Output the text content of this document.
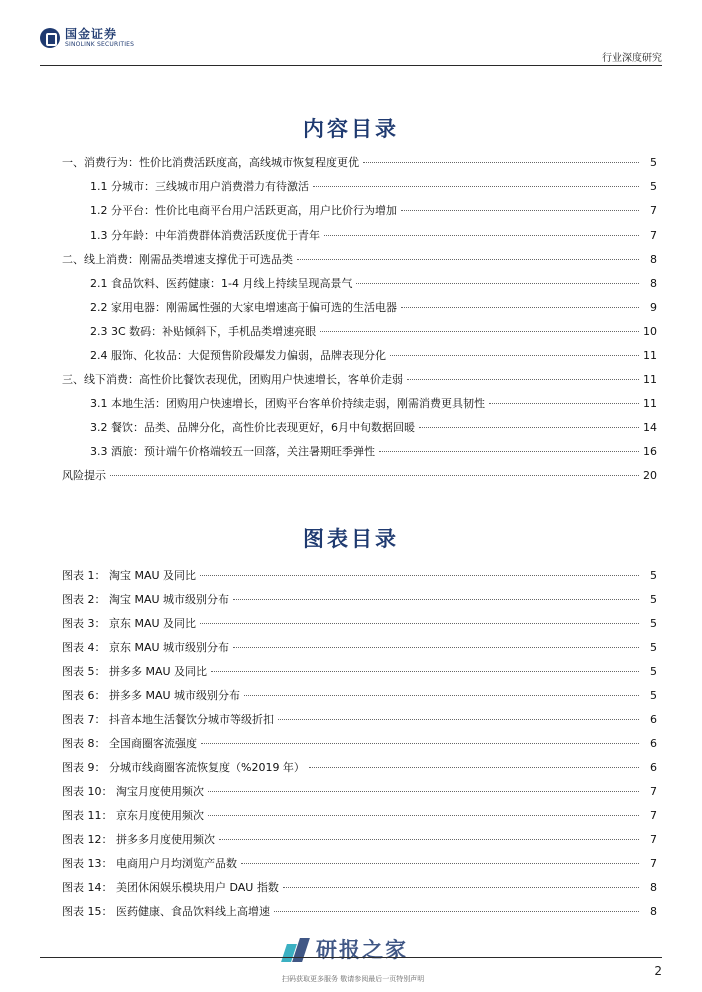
国金证券
SINOLINK SECURITIES
行业深度研究
内容目录
一、消费行为：性价比消费活跃度高，高线城市恢复程度更优	5
1.1 分城市：三线城市用户消费潜力有待激活	5
1.2 分平台：性价比电商平台用户活跃更高，用户比价行为增加	7
1.3 分年龄：中年消费群体消费活跃度优于青年	7
二、线上消费：刚需品类增速支撑优于可选品类	8
2.1 食品饮料、医药健康：1-4 月线上持续呈现高景气	8
2.2 家用电器：刚需属性强的大家电增速高于偏可选的生活电器	9
2.3 3C 数码：补贴倾斜下，手机品类增速亮眼	10
2.4 服饰、化妆品：大促预售阶段爆发力偏弱，品牌表现分化	11
三、线下消费：高性价比餐饮表现优，团购用户快速增长，客单价走弱	11
3.1 本地生活：团购用户快速增长，团购平台客单价持续走弱，刚需消费更具韧性	11
3.2 餐饮：品类、品牌分化，高性价比表现更好，6月中旬数据回暖	14
3.3 酒旅：预计端午价格端较五一回落，关注暑期旺季弹性	16
风险提示	20
图表目录
图表 1： 淘宝 MAU 及同比	5
图表 2： 淘宝 MAU 城市级别分布	5
图表 3： 京东 MAU 及同比	5
图表 4： 京东 MAU 城市级别分布	5
图表 5： 拼多多 MAU 及同比	5
图表 6： 拼多多 MAU 城市级别分布	5
图表 7： 抖音本地生活餐饮分城市等级折扣	6
图表 8： 全国商圈客流强度	6
图表 9： 分城市线商圈客流恢复度（%2019 年）	6
图表 10： 淘宝月度使用频次	7
图表 11： 京东月度使用频次	7
图表 12： 拼多多月度使用频次	7
图表 13： 电商用户月均浏览产品数	7
图表 14： 美团休闲娱乐模块用户 DAU 指数	8
图表 15： 医药健康、食品饮料线上高增速	8
研报之家
扫码获取更多服务 敬请参阅最后一页特别声明
2
